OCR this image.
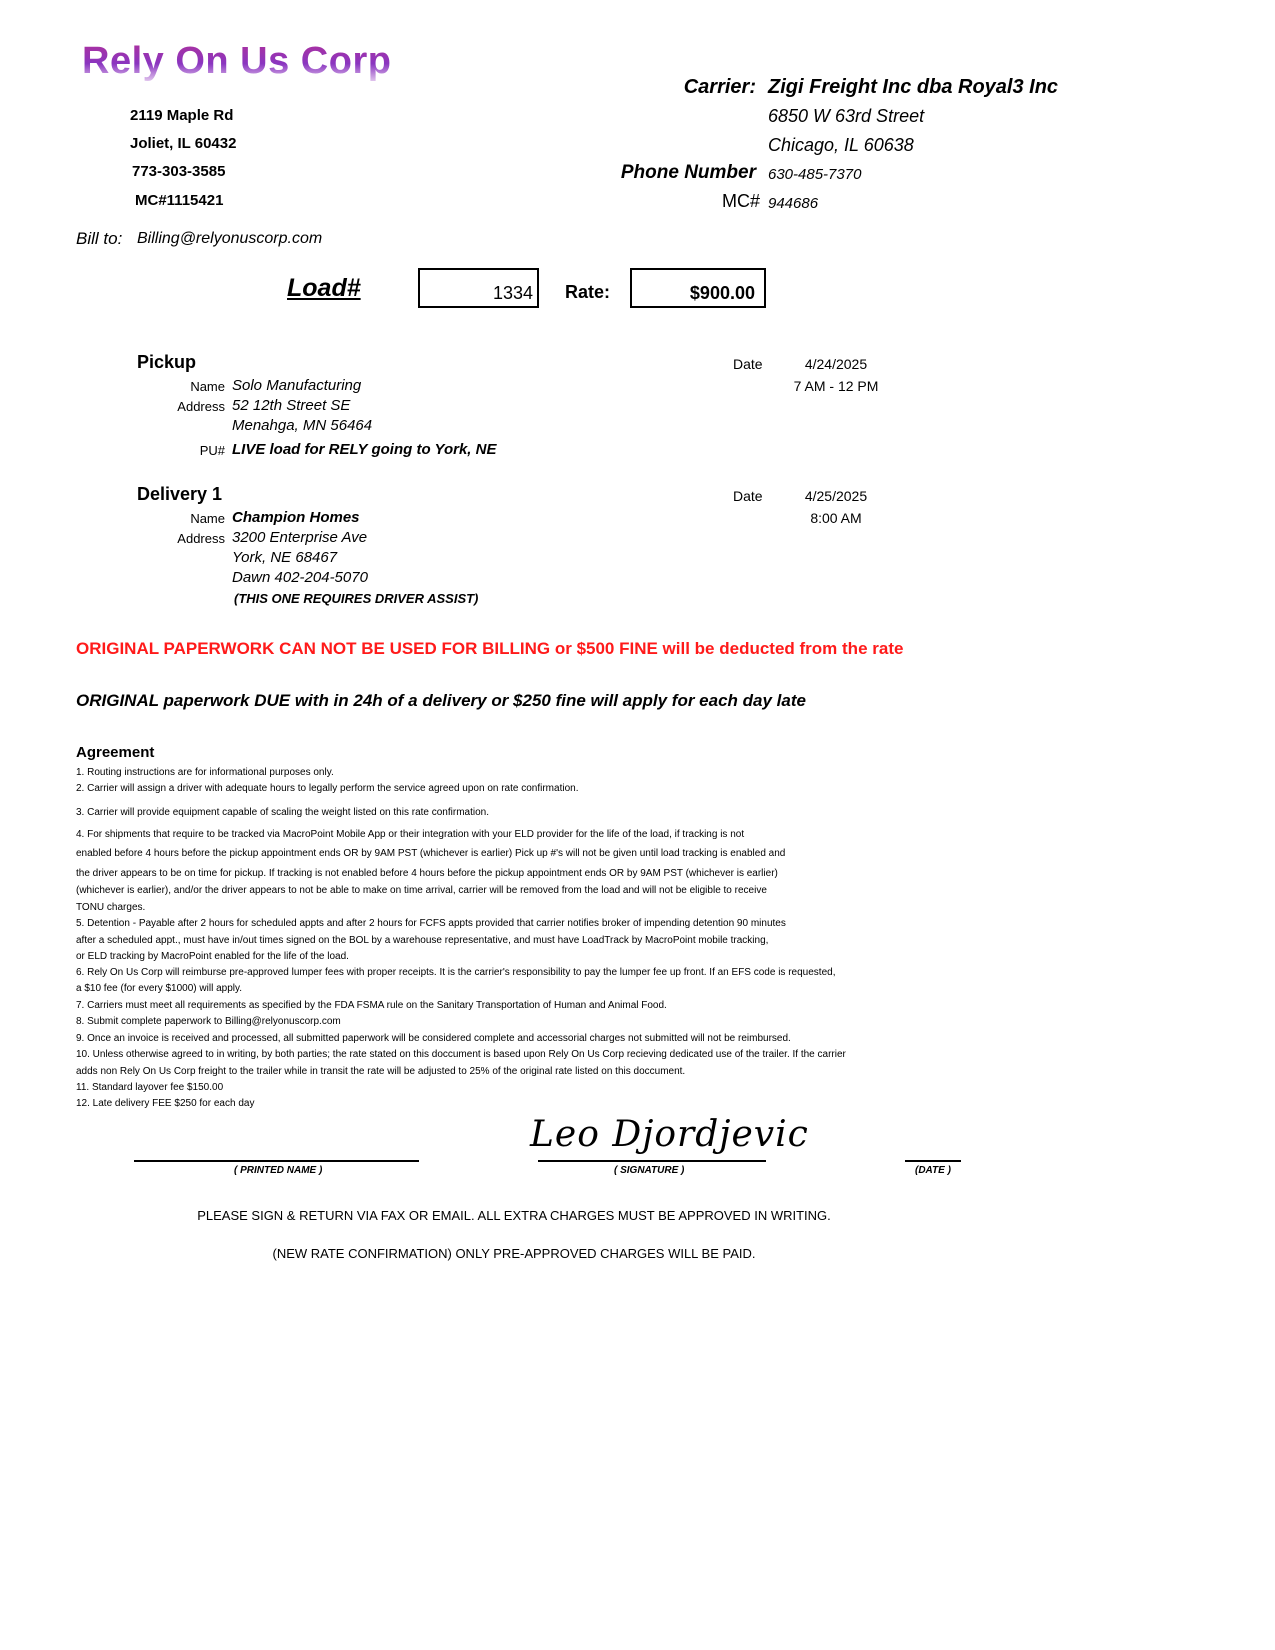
Rely On Us Corp
2119 Maple Rd
Joliet, IL 60432
773-303-3585
MC#1115421
Carrier: Zigi Freight Inc dba Royal3 Inc
6850 W 63rd Street
Chicago, IL 60638
Phone Number 630-485-7370
MC# 944686
Bill to: Billing@relyonuscorp.com
Load#	1334 Rate:	$900.00
Pickup	Date	4/24/2025
7 AM - 12 PM
Name Solo Manufacturing
Address 52 12th Street SE
Menahga, MN 56464
PU# LIVE load for RELY going to York, NE
Delivery 1	Date	4/25/2025
8:00 AM
Name Champion Homes
Address 3200 Enterprise Ave
York, NE 68467
Dawn 402-204-5070
(THIS ONE REQUIRES DRIVER ASSIST)
ORIGINAL PAPERWORK CAN NOT BE USED FOR BILLING or $500 FINE will be deducted from the rate
ORIGINAL paperwork DUE with in 24h of a delivery or $250 fine will apply for each day late
Agreement
1. Routing instructions are for informational purposes only.
2. Carrier will assign a driver with adequate hours to legally perform the service agreed upon on rate confirmation.
3. Carrier will provide equipment capable of scaling the weight listed on this rate confirmation.
4. For shipments that require to be tracked via MacroPoint Mobile App or their integration with your ELD provider for the life of the load, if tracking is not
enabled before 4 hours before the pickup appointment ends OR by 9AM PST (whichever is earlier) Pick up #'s will not be given until load tracking is enabled and
the driver appears to be on time for pickup. If tracking is not enabled before 4 hours before the pickup appointment ends OR by 9AM PST (whichever is earlier)
(whichever is earlier), and/or the driver appears to not be able to make on time arrival, carrier will be removed from the load and will not be eligible to receive
TONU charges.
5. Detention - Payable after 2 hours for scheduled appts and after 2 hours for FCFS appts provided that carrier notifies broker of impending detention 90 minutes
after a scheduled appt., must have in/out times signed on the BOL by a warehouse representative, and must have LoadTrack by MacroPoint mobile tracking,
or ELD tracking by MacroPoint enabled for the life of the load.
6. Rely On Us Corp will reimburse pre-approved lumper fees with proper receipts. It is the carrier's responsibility to pay the lumper fee up front. If an EFS code is requested,
a $10 fee (for every $1000) will apply.
7. Carriers must meet all requirements as specified by the FDA FSMA rule on the Sanitary Transportation of Human and Animal Food.
8. Submit complete paperwork to Billing@relyonuscorp.com
9. Once an invoice is received and processed, all submitted paperwork will be considered complete and accessorial charges not submitted will not be reimbursed.
10. Unless otherwise agreed to in writing, by both parties; the rate stated on this doccument is based upon Rely On Us Corp recieving dedicated use of the trailer. If the carrier
adds non Rely On Us Corp freight to the trailer while in transit the rate will be adjusted to 25% of the original rate listed on this doccument.
11. Standard layover fee $150.00
12. Late delivery FEE $250 for each day
( PRINTED NAME )
Leo Djordjevic
( SIGNATURE )	(DATE )
PLEASE SIGN & RETURN VIA FAX OR EMAIL. ALL EXTRA CHARGES MUST BE APPROVED IN WRITING.
(NEW RATE CONFIRMATION) ONLY PRE-APPROVED CHARGES WILL BE PAID.
